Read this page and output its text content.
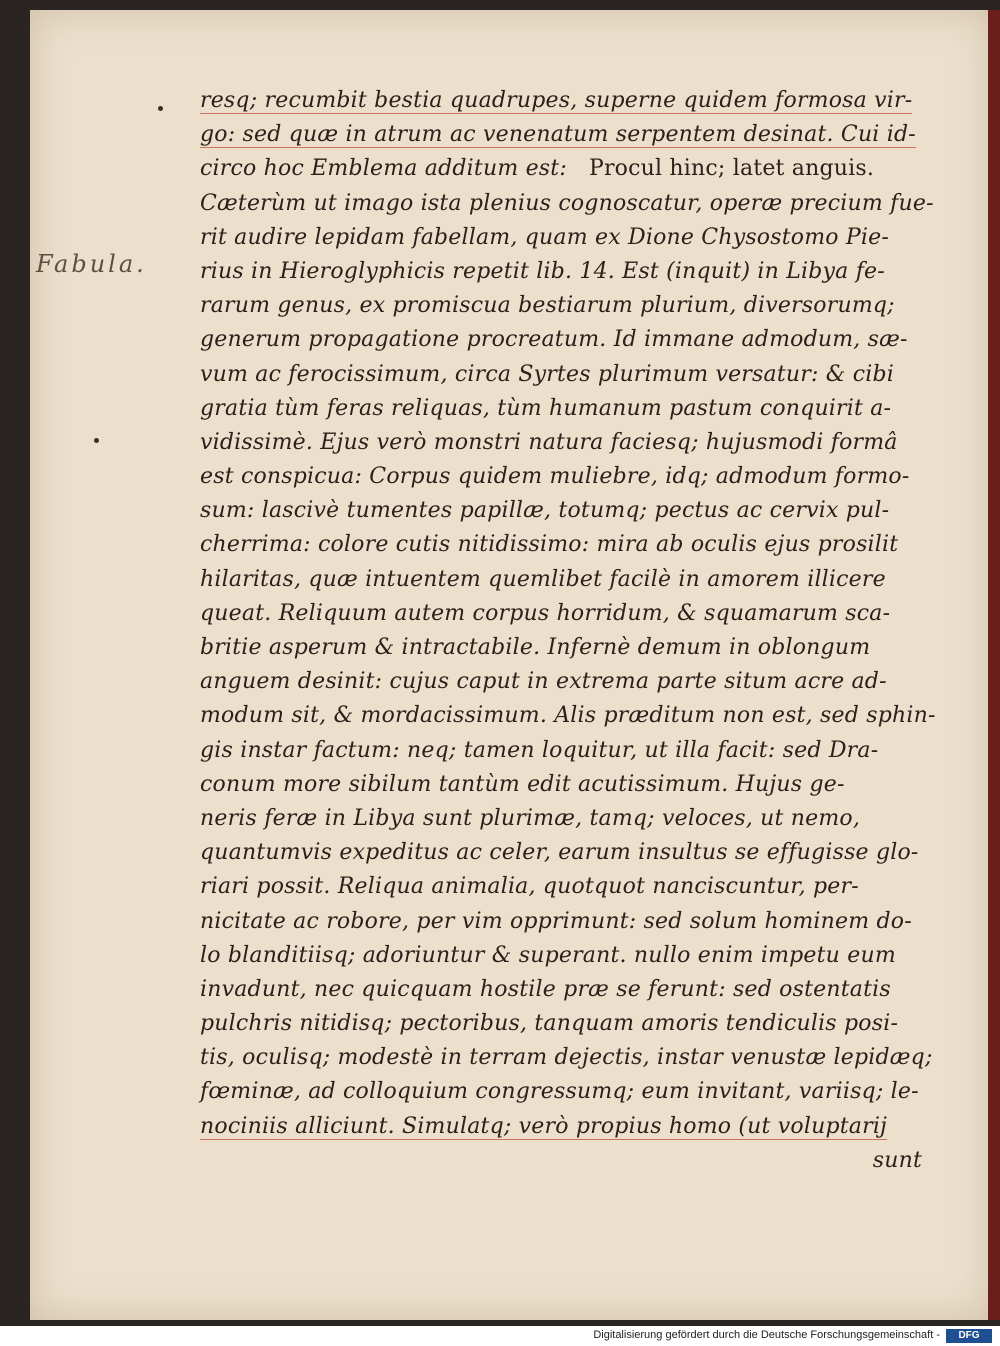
Fabula.
resq; recumbit bestia quadrupes, superne quidem formosa vir-
go: sed quæ in atrum ac venenatum serpentem desinat. Cui id-
circo hoc Emblema additum est: Procul hinc; latet anguis.
Cæterùm ut imago ista plenius cognoscatur, operæ precium fue-
rit audire lepidam fabellam, quam ex Dione Chysostomo Pie-
rius in Hieroglyphicis repetit lib. 14. Est (inquit) in Libya fe-
rarum genus, ex promiscua bestiarum plurium, diversorumq;
generum propagatione procreatum. Id immane admodum, sæ-
vum ac ferocissimum, circa Syrtes plurimum versatur: & cibi
gratia tùm feras reliquas, tùm humanum pastum conquirit a-
vidissimè. Ejus verò monstri natura faciesq; hujusmodi formâ
est conspicua: Corpus quidem muliebre, idq; admodum formo-
sum: lascivè tumentes papillæ, totumq; pectus ac cervix pul-
cherrima: colore cutis nitidissimo: mira ab oculis ejus prosilit
hilaritas, quæ intuentem quemlibet facilè in amorem illicere
queat. Reliquum autem corpus horridum, & squamarum sca-
britie asperum & intractabile. Infernè demum in oblongum
anguem desinit: cujus caput in extrema parte situm acre ad-
modum sit, & mordacissimum. Alis præditum non est, sed sphin-
gis instar factum: neq; tamen loquitur, ut illa facit: sed Dra-
conum more sibilum tantùm edit acutissimum. Hujus ge-
neris feræ in Libya sunt plurimæ, tamq; veloces, ut nemo,
quantumvis expeditus ac celer, earum insultus se effugisse glo-
riari possit. Reliqua animalia, quotquot nanciscuntur, per-
nicitate ac robore, per vim opprimunt: sed solum hominem do-
lo blanditiisq; adoriuntur & superant. nullo enim impetu eum
invadunt, nec quicquam hostile præ se ferunt: sed ostentatis
pulchris nitidisq; pectoribus, tanquam amoris tendiculis posi-
tis, oculisq; modestè in terram dejectis, instar venustæ lepidæq;
fœminæ, ad colloquium congressumq; eum invitant, variisq; le-
nociniis alliciunt. Simulatq; verò propius homo (ut voluptarij
sunt
Digitalisierung gefördert durch die Deutsche Forschungsgemeinschaft -	DFG
